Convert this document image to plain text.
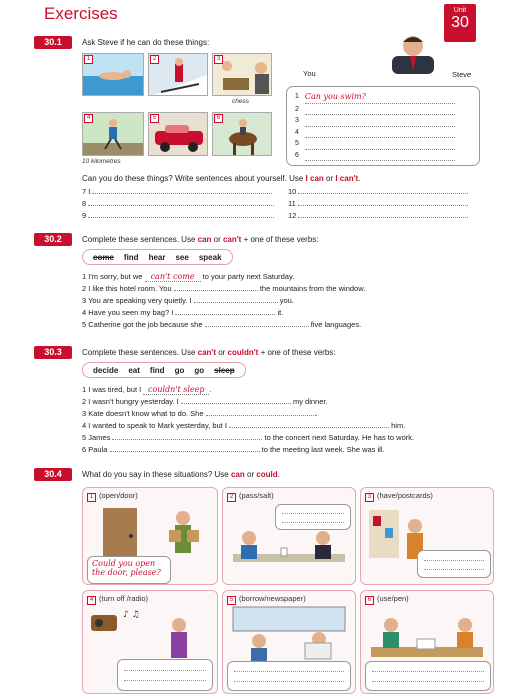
Exercises	Unit
30
30.1	Ask Steve if he can do these things:
1	2	3
chess
4	5	6
10 kilometres
You	Steve
1 Can you swim?
2
3
4
5
6
Can you do these things? Write sentences about yourself. Use I can or I can't.
7 I
8
9
10
11
12
30.2	Complete these sentences. Use can or can't + one of these verbs:
come find hear see speak
1 I'm sorry, but we can't come to your party next Saturday.
2 I like this hotel room. You	the mountains from the window.
3 You are speaking very quietly. I	you.
4 Have you seen my bag? I	it.
5 Catherine got the job because she	five languages.
30.3	Complete these sentences. Use can't or couldn't + one of these verbs:
decide eat find go go sleep
1 I was tired, but I couldn't sleep .
2 I wasn't hungry yesterday. I	my dinner.
3 Kate doesn't know what to do. She	.
4 I wanted to speak to Mark yesterday, but I	him.
5 James	to the concert next Saturday. He has to work.
6 Paula	to the meeting last week. She was ill.
30.4	What do you say in these situations? Use can or could.
1 (open/door)
Could you open the door, please?
2 (pass/salt)	3 (have/postcards)
4 (turn off /radio)
♪ ♫
5 (borrow/newspaper)	6 (use/pen)
